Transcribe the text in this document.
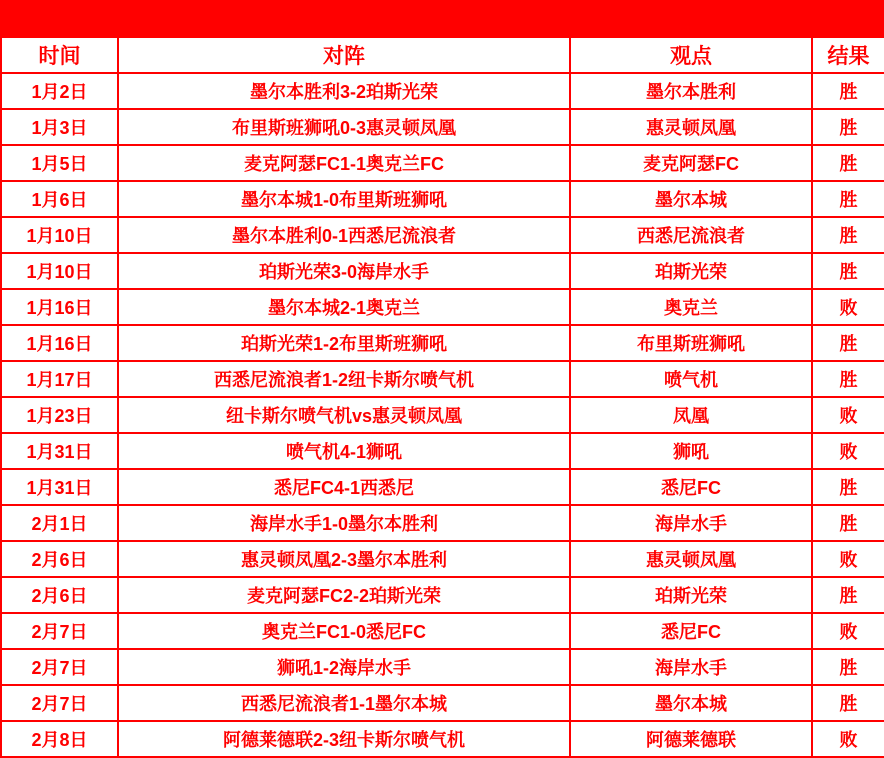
澳超19中13			
时间	对阵	观点	结果
1月2日	墨尔本胜利3-2珀斯光荣	墨尔本胜利	胜
1月3日	布里斯班狮吼0-3惠灵顿凤凰	惠灵顿凤凰	胜
1月5日	麦克阿瑟FC1-1奥克兰FC	麦克阿瑟FC	胜
1月6日	墨尔本城1-0布里斯班狮吼	墨尔本城	胜
1月10日	墨尔本胜利0-1西悉尼流浪者	西悉尼流浪者	胜
1月10日	珀斯光荣3-0海岸水手	珀斯光荣	胜
1月16日	墨尔本城2-1奥克兰	奥克兰	败
1月16日	珀斯光荣1-2布里斯班狮吼	布里斯班狮吼	胜
1月17日	西悉尼流浪者1-2纽卡斯尔喷气机	喷气机	胜
1月23日	纽卡斯尔喷气机vs惠灵顿凤凰	凤凰	败
1月31日	喷气机4-1狮吼	狮吼	败
1月31日	悉尼FC4-1西悉尼	悉尼FC	胜
2月1日	海岸水手1-0墨尔本胜利	海岸水手	胜
2月6日	惠灵顿凤凰2-3墨尔本胜利	惠灵顿凤凰	败
2月6日	麦克阿瑟FC2-2珀斯光荣	珀斯光荣	胜
2月7日	奥克兰FC1-0悉尼FC	悉尼FC	败
2月7日	狮吼1-2海岸水手	海岸水手	胜
2月7日	西悉尼流浪者1-1墨尔本城	墨尔本城	胜
2月8日	阿德莱德联2-3纽卡斯尔喷气机	阿德莱德联	败
